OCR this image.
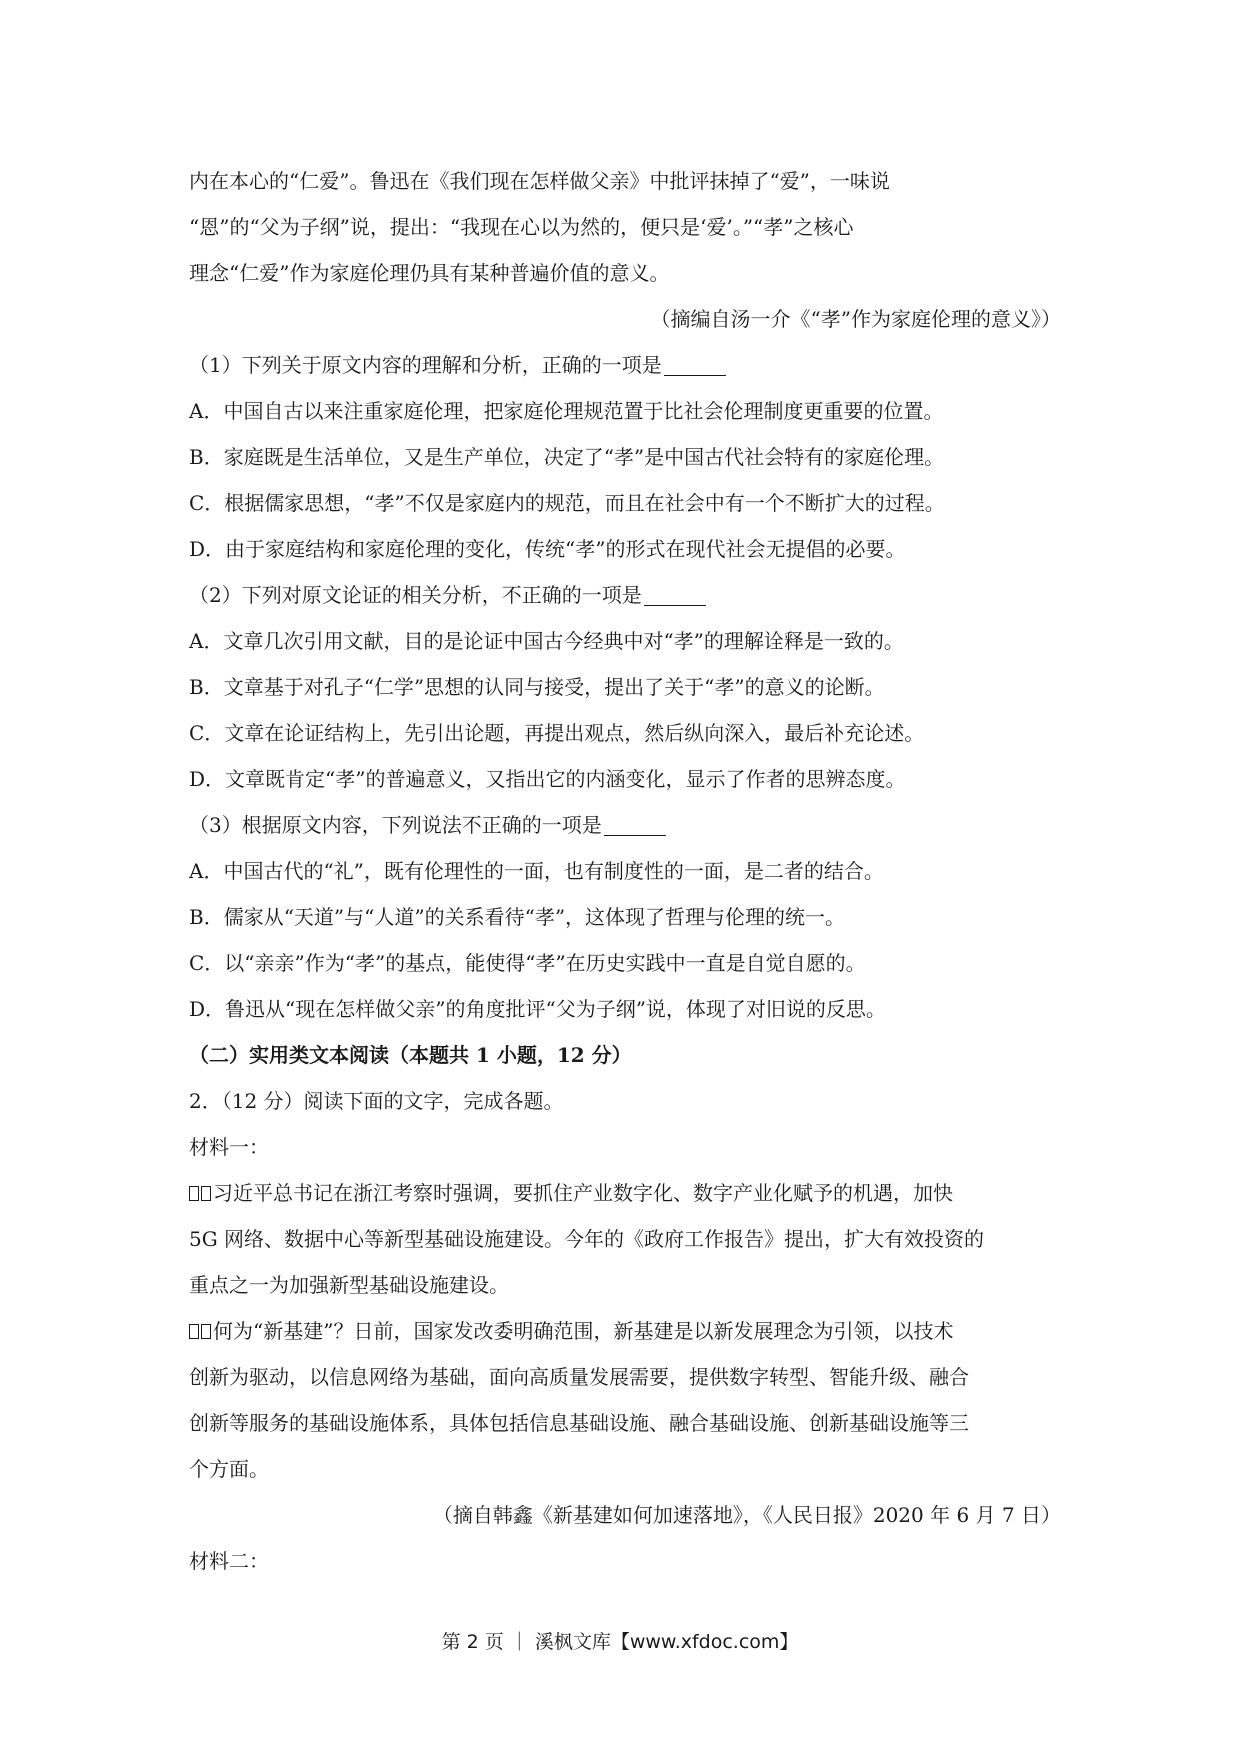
内在本心的“仁爱”。鲁迅在《我们现在怎样做父亲》中批评抹掉了“爱”，一味说
“恩”的“父为子纲”说，提出：“我现在心以为然的，便只是‘爱’。”“孝”之核心
理念“仁爱”作为家庭伦理仍具有某种普遍价值的意义。
（摘编自汤一介《“孝”作为家庭伦理的意义》）
（1）下列关于原文内容的理解和分析，正确的一项是
A．中国自古以来注重家庭伦理，把家庭伦理规范置于比社会伦理制度更重要的位置。
B．家庭既是生活单位，又是生产单位，决定了“孝”是中国古代社会特有的家庭伦理。
C．根据儒家思想，“孝”不仅是家庭内的规范，而且在社会中有一个不断扩大的过程。
D．由于家庭结构和家庭伦理的变化，传统“孝”的形式在现代社会无提倡的必要。
（2）下列对原文论证的相关分析，不正确的一项是
A．文章几次引用文献，目的是论证中国古今经典中对“孝”的理解诠释是一致的。
B．文章基于对孔子“仁学”思想的认同与接受，提出了关于“孝”的意义的论断。
C．文章在论证结构上，先引出论题，再提出观点，然后纵向深入，最后补充论述。
D．文章既肯定“孝”的普遍意义，又指出它的内涵变化，显示了作者的思辨态度。
（3）根据原文内容，下列说法不正确的一项是
A．中国古代的“礼”，既有伦理性的一面，也有制度性的一面，是二者的结合。
B．儒家从“天道”与“人道”的关系看待“孝”，这体现了哲理与伦理的统一。
C．以“亲亲”作为“孝”的基点，能使得“孝”在历史实践中一直是自觉自愿的。
D．鲁迅从“现在怎样做父亲”的角度批评“父为子纲”说，体现了对旧说的反思。
（二）实用类文本阅读（本题共 1 小题，12 分）
2．（12 分）阅读下面的文字，完成各题。
材料一：
习近平总书记在浙江考察时强调，要抓住产业数字化、数字产业化赋予的机遇，加快
5G 网络、数据中心等新型基础设施建设。今年的《政府工作报告》提出，扩大有效投资的
重点之一为加强新型基础设施建设。
何为“新基建”？日前，国家发改委明确范围，新基建是以新发展理念为引领，以技术
创新为驱动，以信息网络为基础，面向高质量发展需要，提供数字转型、智能升级、融合
创新等服务的基础设施体系，具体包括信息基础设施、融合基础设施、创新基础设施等三
个方面。
（摘自韩鑫《新基建如何加速落地》，《人民日报》2020 年 6 月 7 日）
材料二：
第 2 页 ｜ 溪枫文库【www.xfdoc.com】
